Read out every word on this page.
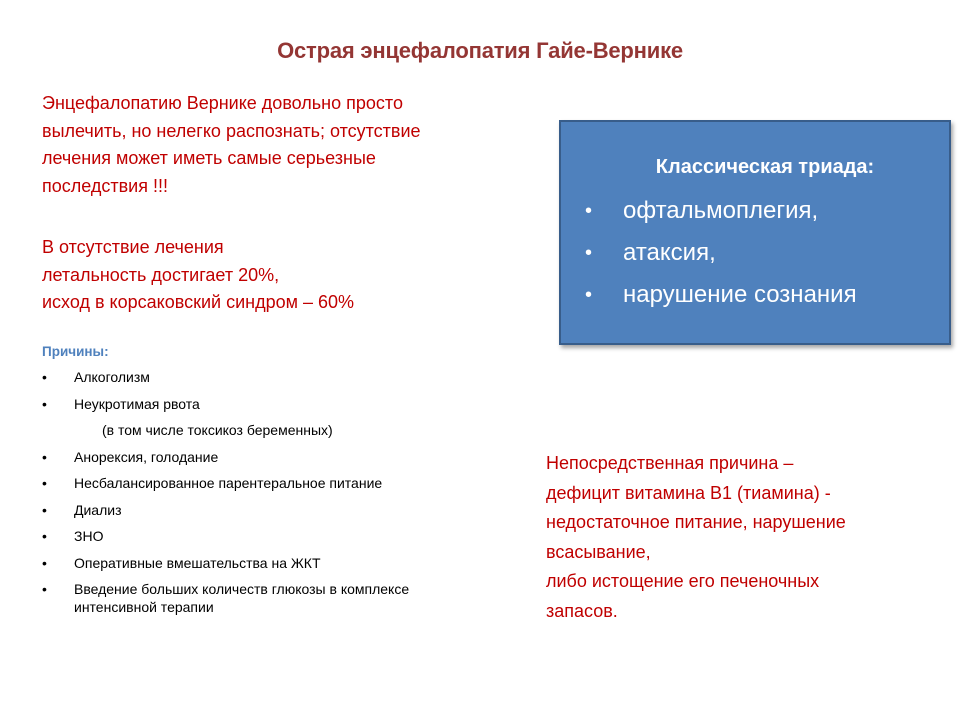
Острая энцефалопатия Гайе-Вернике

Энцефалопатию Вернике довольно просто
вылечить, но нелегко распознать; отсутствие
лечения может иметь самые серьезные
последствия !!!

В отсутствие лечения
летальность достигает 20%,
исход в корсаковский синдром – 60%

Причины:
• Алкоголизм
• Неукротимая рвота
(в том числе токсикоз беременных)
• Анорексия, голодание
• Несбалансированное парентеральное питание
• Диализ
• ЗНО
• Оперативные вмешательства на ЖКТ
• Введение больших количеств глюкозы в комплексе интенсивной терапии
Классическая триада:
• офтальмоплегия,
• атаксия,
• нарушение сознания

Непосредственная причина –
дефицит витамина В1 (тиамина) -
недостаточное питание, нарушение
всасывание,
либо истощение его печеночных
запасов.
